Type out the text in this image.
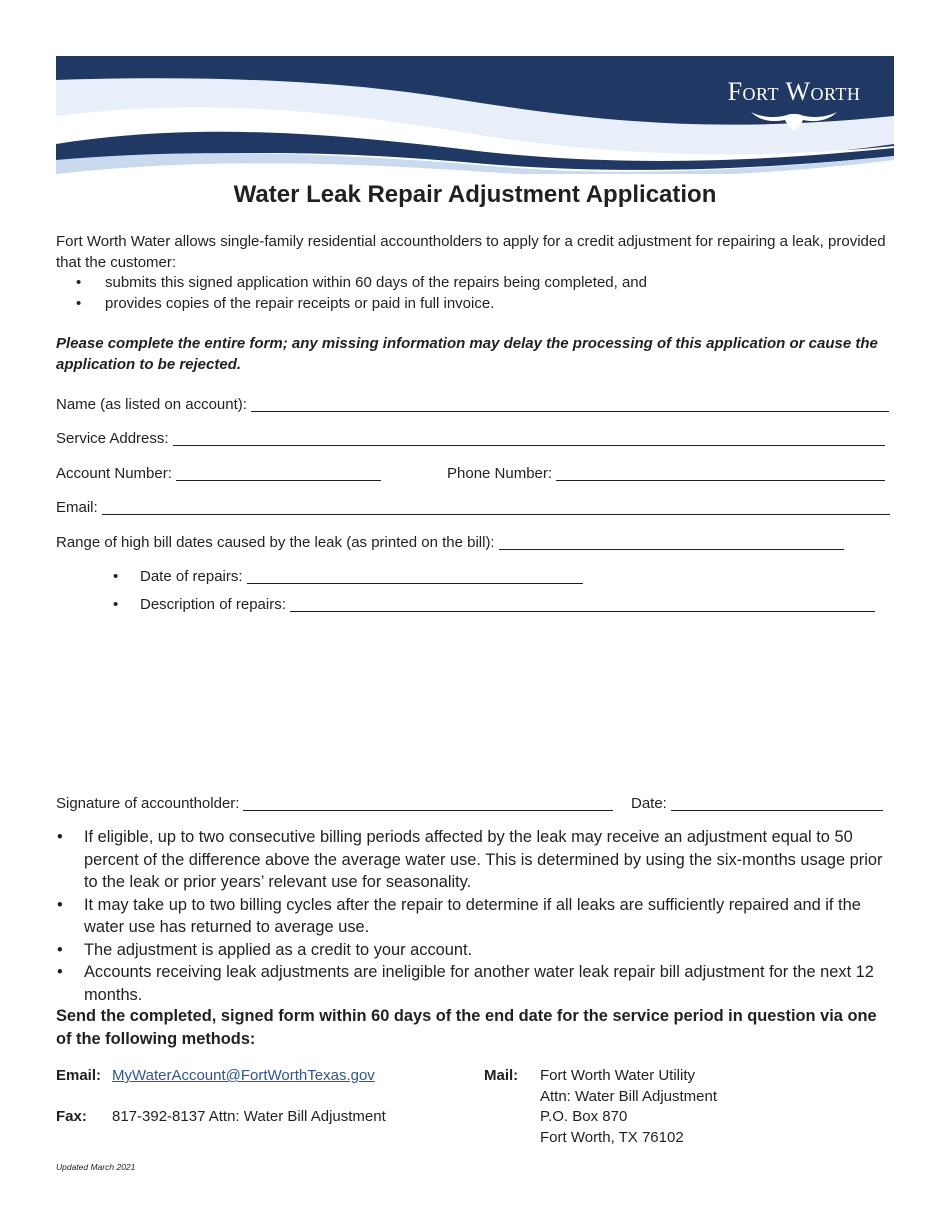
Fort Worth
Water Leak Repair Adjustment Application
Fort Worth Water allows single-family residential accountholders to apply for a credit adjustment for repairing a leak, provided that the customer:
• submits this signed application within 60 days of the repairs being completed, and
• provides copies of the repair receipts or paid in full invoice.
Please complete the entire form; any missing information may delay the processing of this application or cause the application to be rejected.
Name (as listed on account):
Service Address:
Account Number:	Phone Number:
Email:
Range of high bill dates caused by the leak (as printed on the bill):
• Date of repairs:
• Description of repairs:
Signature of accountholder:	Date:
• If eligible, up to two consecutive billing periods affected by the leak may receive an adjustment equal to 50 percent of the difference above the average water use. This is determined by using the six-months usage prior to the leak or prior years’ relevant use for seasonality.
• It may take up to two billing cycles after the repair to determine if all leaks are sufficiently repaired and if the water use has returned to average use.
• The adjustment is applied as a credit to your account.
• Accounts receiving leak adjustments are ineligible for another water leak repair bill adjustment for the next 12 months.
Send the completed, signed form within 60 days of the end date for the service period in question via one of the following methods:
Email: MyWaterAccount@FortWorthTexas.gov
Fax: 817-392-8137 Attn: Water Bill Adjustment
Mail: Fort Worth Water Utility
Attn: Water Bill Adjustment
P.O. Box 870
Fort Worth, TX 76102
Updated March 2021
